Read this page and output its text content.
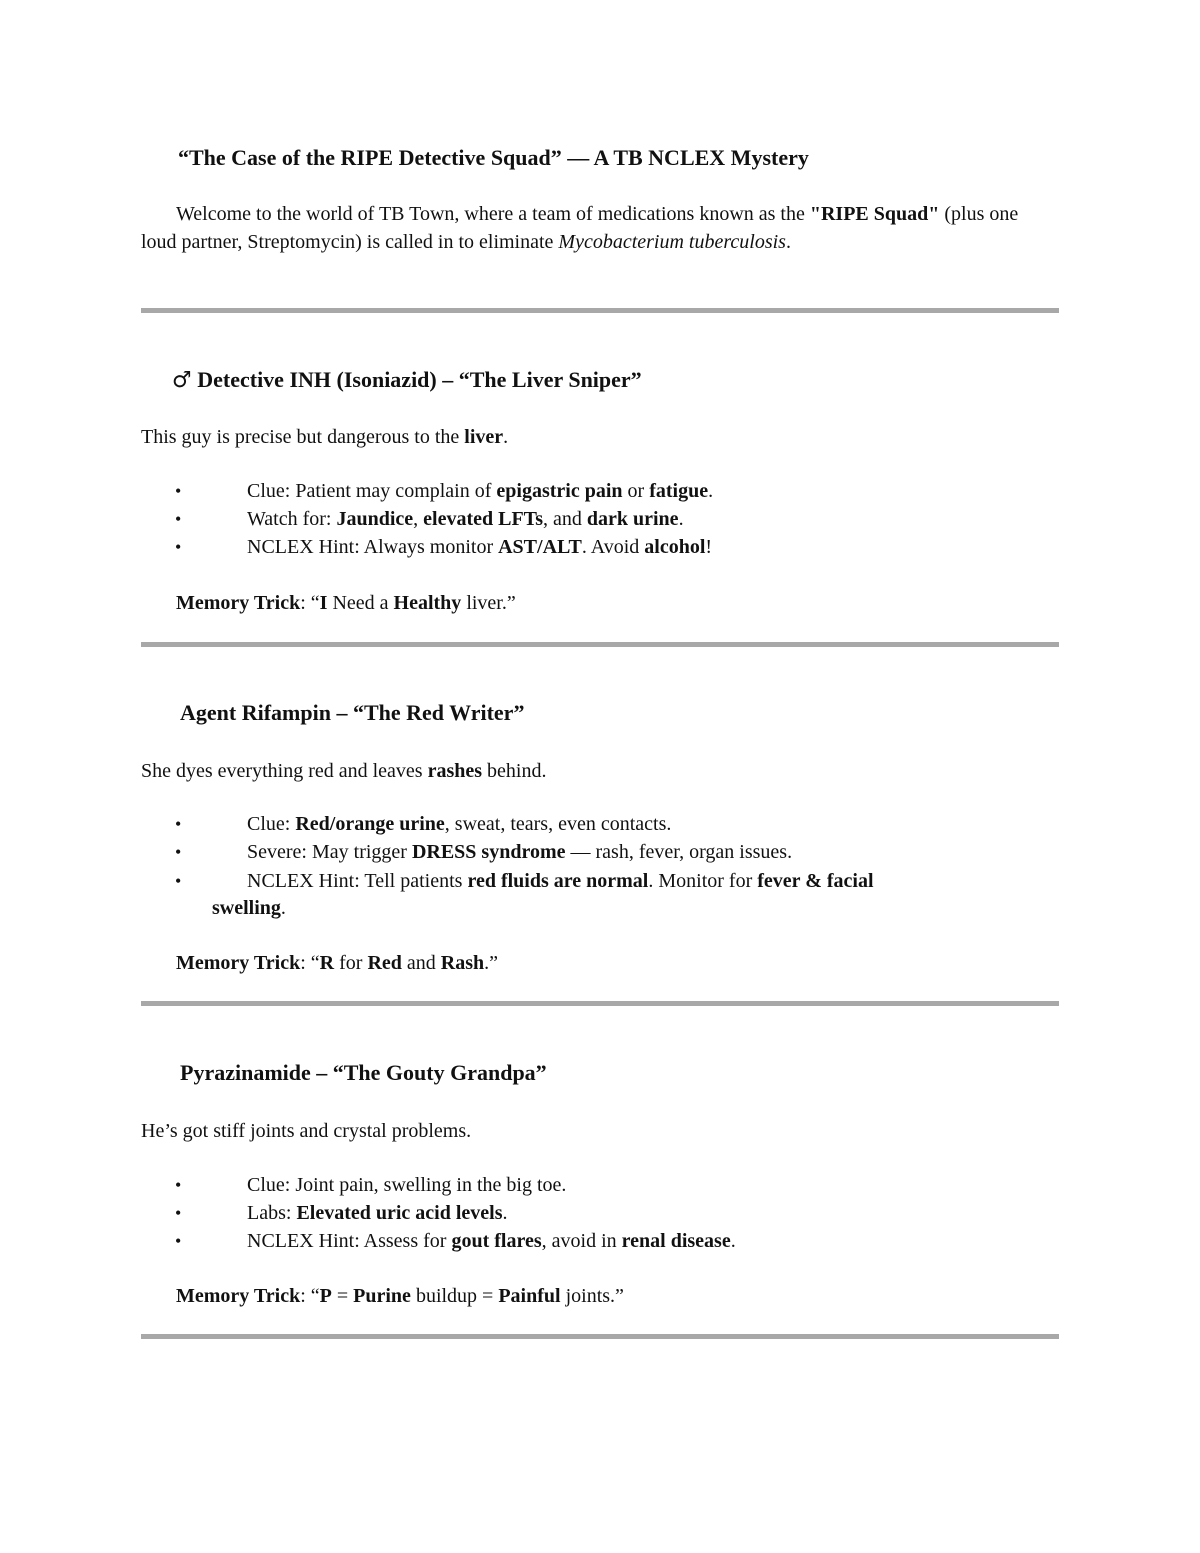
“The Case of the RIPE Detective Squad” — A TB NCLEX Mystery

Welcome to the world of TB Town, where a team of medications known as the "RIPE Squad" (plus one loud partner, Streptomycin) is called in to eliminate Mycobacterium tuberculosis.

♂ Detective INH (Isoniazid) – “The Liver Sniper”

This guy is precise but dangerous to the liver.

•	Clue: Patient may complain of epigastric pain or fatigue.

•	Watch for: Jaundice, elevated LFTs, and dark urine.

•	NCLEX Hint: Always monitor AST/ALT. Avoid alcohol!

Memory Trick: “I Need a Healthy liver.”

Agent Rifampin – “The Red Writer”

She dyes everything red and leaves rashes behind.

•	Clue: Red/orange urine, sweat, tears, even contacts.

•	Severe: May trigger DRESS syndrome — rash, fever, organ issues.

•	NCLEX Hint: Tell patients red fluids are normal. Monitor for fever & facial

swelling.

Memory Trick: “R for Red and Rash.”

Pyrazinamide – “The Gouty Grandpa”

He’s got stiff joints and crystal problems.

•	Clue: Joint pain, swelling in the big toe.

•	Labs: Elevated uric acid levels.

•	NCLEX Hint: Assess for gout flares, avoid in renal disease.

Memory Trick: “P = Purine buildup = Painful joints.”
